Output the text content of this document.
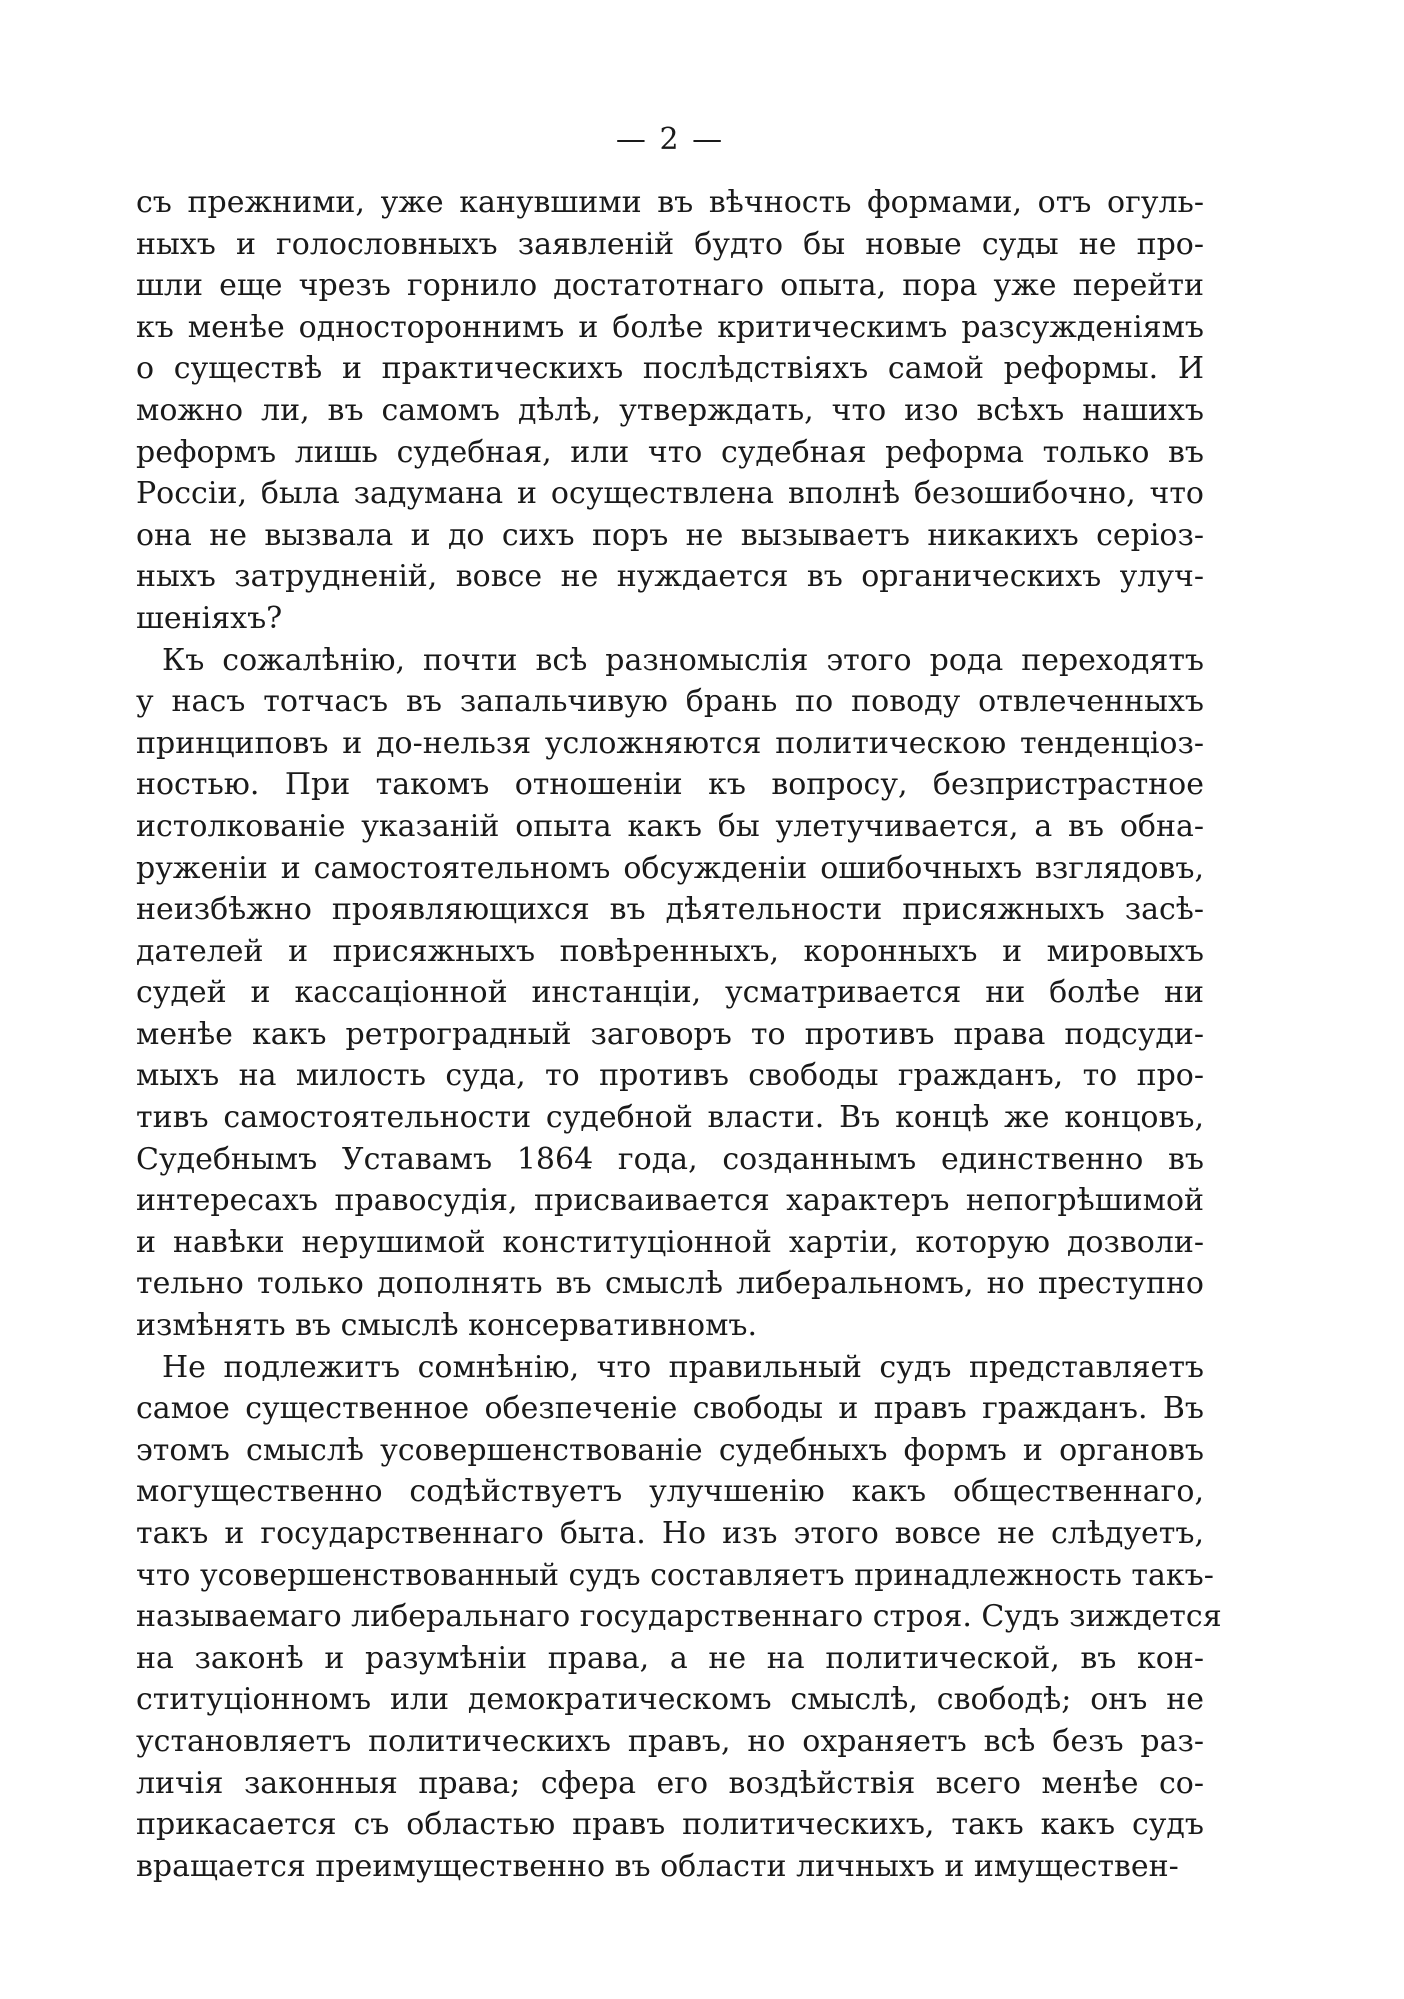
— 2 —
съ прежними, уже канувшими въ вѣчность формами, отъ огуль-
ныхъ и голословныхъ заявленій будто бы новые суды не про-
шли еще чрезъ горнило достатотнаго опыта, пора уже перейти
къ менѣе одностороннимъ и болѣе критическимъ разсужденіямъ
о существѣ и практическихъ послѣдствіяхъ самой реформы. И
можно ли, въ самомъ дѣлѣ, утверждать, что изо всѣхъ нашихъ
реформъ лишь судебная, или что судебная реформа только въ
Россіи, была задумана и осуществлена вполнѣ безошибочно, что
она не вызвала и до сихъ поръ не вызываетъ никакихъ серіоз-
ныхъ затрудненій, вовсе не нуждается въ органическихъ улуч-
шеніяхъ?
Къ сожалѣнію, почти всѣ разномыслія этого рода переходятъ
у насъ тотчасъ въ запальчивую брань по поводу отвлеченныхъ
принциповъ и до-нельзя усложняются политическою тенденціоз-
ностью. При такомъ отношеніи къ вопросу, безпристрастное
истолкованіе указаній опыта какъ бы улетучивается, а въ обна-
руженіи и самостоятельномъ обсужденіи ошибочныхъ взглядовъ,
неизбѣжно проявляющихся въ дѣятельности присяжныхъ засѣ-
дателей и присяжныхъ повѣренныхъ, коронныхъ и мировыхъ
судей и кассаціонной инстанціи, усматривается ни болѣе ни
менѣе какъ ретроградный заговоръ то противъ права подсуди-
мыхъ на милость суда, то противъ свободы гражданъ, то про-
тивъ самостоятельности судебной власти. Въ концѣ же концовъ,
Судебнымъ Уставамъ 1864 года, созданнымъ единственно въ
интересахъ правосудія, присваивается характеръ непогрѣшимой
и навѣки нерушимой конституціонной хартіи, которую дозволи-
тельно только дополнять въ смыслѣ либеральномъ, но преступно
измѣнять въ смыслѣ консервативномъ.
Не подлежитъ сомнѣнію, что правильный судъ представляетъ
самое существенное обезпеченіе свободы и правъ гражданъ. Въ
этомъ смыслѣ усовершенствованіе судебныхъ формъ и органовъ
могущественно содѣйствуетъ улучшенію какъ общественнаго,
такъ и государственнаго быта. Но изъ этого вовсе не слѣдуетъ,
что усовершенствованный судъ составляетъ принадлежность такъ-
называемаго либеральнаго государственнаго строя. Судъ зиждется
на законѣ и разумѣніи права, а не на политической, въ кон-
ституціонномъ или демократическомъ смыслѣ, свободѣ; онъ не
установляетъ политическихъ правъ, но охраняетъ всѣ безъ раз-
личія законныя права; сфера его воздѣйствія всего менѣе со-
прикасается съ областью правъ политическихъ, такъ какъ судъ
вращается преимущественно въ области личныхъ и имуществен-
